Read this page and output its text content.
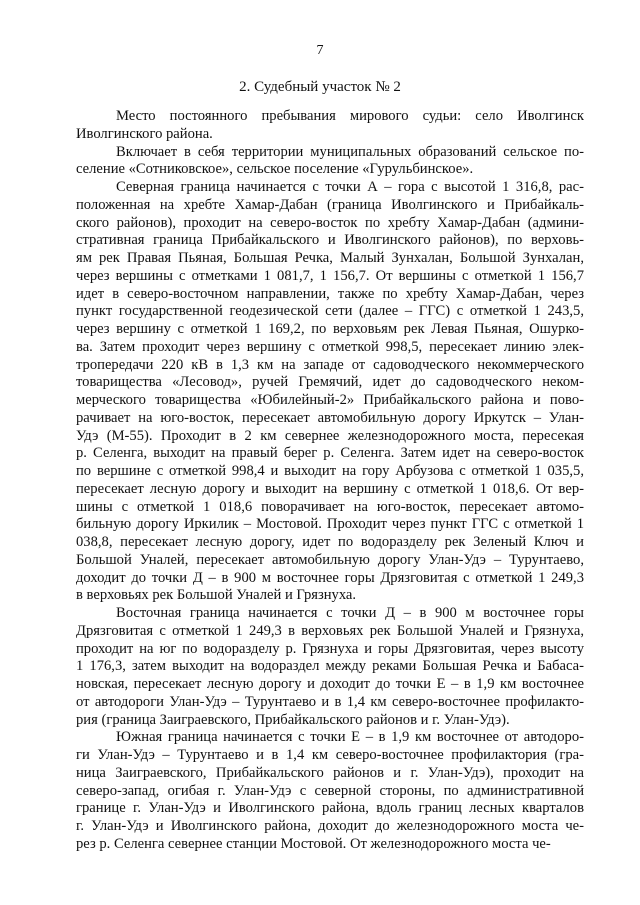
7
2. Судебный участок № 2
Место постоянного пребывания мирового судьи: село Иволгинск Иволгинского района.
Включает в себя территории муниципальных образований сельское по-
селение «Сотниковское», сельское поселение «Гурульбинское».
Северная граница начинается с точки А – гора с высотой 1 316,8, рас-
положенная на хребте Хамар-Дабан (граница Иволгинского и Прибайкаль-
ского районов), проходит на северо-восток по хребту Хамар-Дабан (админи-
стративная граница Прибайкальского и Иволгинского районов), по верховь-
ям рек Правая Пьяная, Большая Речка, Малый Зунхалан, Большой Зунхалан,
через вершины с отметками 1 081,7, 1 156,7. От вершины с отметкой 1 156,7
идет в северо-восточном направлении, также по хребту Хамар-Дабан, через
пункт государственной геодезической сети (далее – ГГС) с отметкой 1 243,5,
через вершину с отметкой 1 169,2, по верховьям рек Левая Пьяная, Ошурко-
ва. Затем проходит через вершину с отметкой 998,5, пересекает линию элек-
тропередачи 220 кВ в 1,3 км на западе от садоводческого некоммерческого
товарищества «Лесовод», ручей Гремячий, идет до садоводческого неком-
мерческого товарищества «Юбилейный-2» Прибайкальского района и пово-
рачивает на юго-восток, пересекает автомобильную дорогу Иркутск – Улан-
Удэ (М-55). Проходит в 2 км севернее железнодорожного моста, пересекая
р. Селенга, выходит на правый берег р. Селенга. Затем идет на северо-восток
по вершине с отметкой 998,4 и выходит на гору Арбузова с отметкой 1 035,5,
пересекает лесную дорогу и выходит на вершину с отметкой 1 018,6. От вер-
шины с отметкой 1 018,6 поворачивает на юго-восток, пересекает автомо-
бильную дорогу Иркилик – Мостовой. Проходит через пункт ГГС с отметкой 1
038,8, пересекает лесную дорогу, идет по водоразделу рек Зеленый Ключ и
Большой Уналей, пересекает автомобильную дорогу Улан-Удэ – Турунтаево,
доходит до точки Д – в 900 м восточнее горы Дрязговитая с отметкой 1 249,3
в верховьях рек Большой Уналей и Грязнуха.
Восточная граница начинается с точки Д – в 900 м восточнее горы
Дрязговитая с отметкой 1 249,3 в верховьях рек Большой Уналей и Грязнуха,
проходит на юг по водоразделу р. Грязнуха и горы Дрязговитая, через высоту
1 176,3, затем выходит на водораздел между реками Большая Речка и Бабаса-
новская, пересекает лесную дорогу и доходит до точки Е – в 1,9 км восточнее
от автодороги Улан-Удэ – Турунтаево и в 1,4 км северо-восточнее профилакто-
рия (граница Заиграевского, Прибайкальского районов и г. Улан-Удэ).
Южная граница начинается с точки Е – в 1,9 км восточнее от автодоро-
ги Улан-Удэ – Турунтаево и в 1,4 км северо-восточнее профилактория (гра-
ница Заиграевского, Прибайкальского районов и г. Улан-Удэ), проходит на
северо-запад, огибая г. Улан-Удэ с северной стороны, по административной
границе г. Улан-Удэ и Иволгинского района, вдоль границ лесных кварталов
г. Улан-Удэ и Иволгинского района, доходит до железнодорожного моста че-
рез р. Селенга севернее станции Мостовой. От железнодорожного моста че-
